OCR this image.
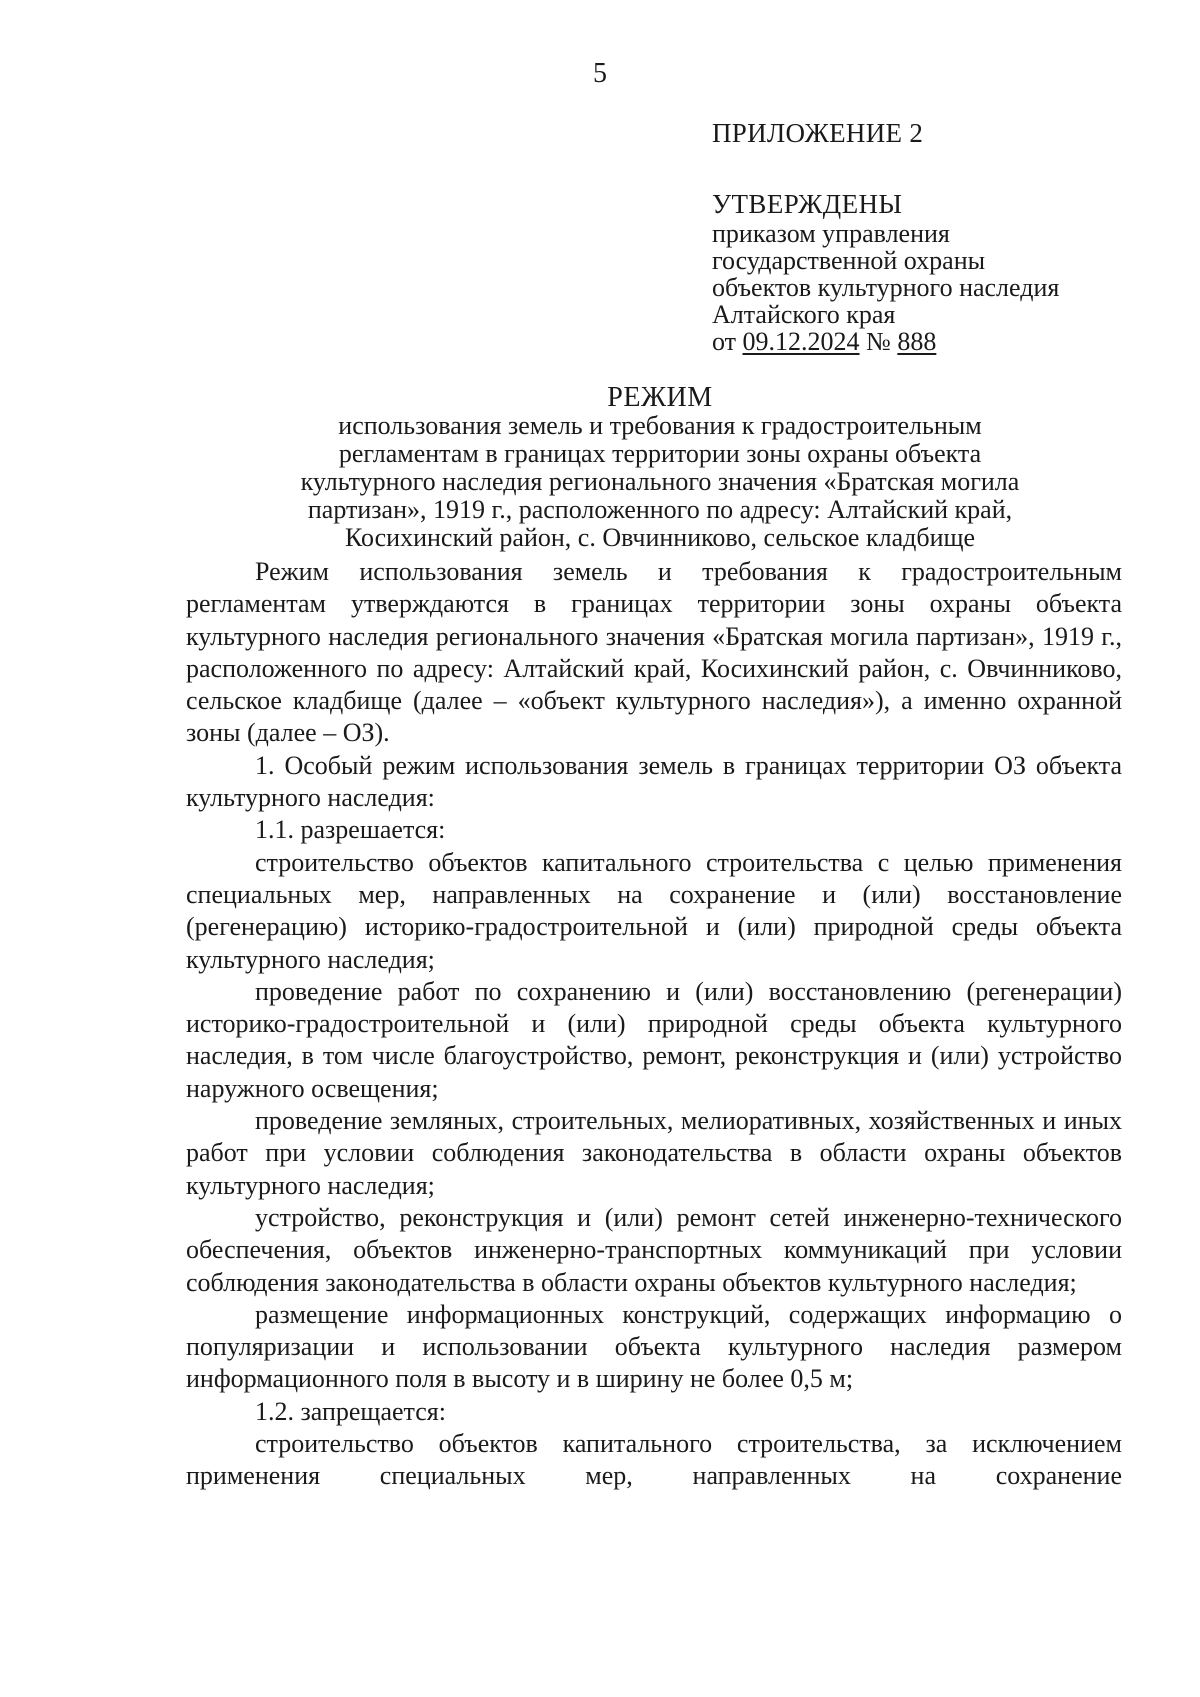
5
ПРИЛОЖЕНИЕ 2
УТВЕРЖДЕНЫ
приказом управления
государственной охраны
объектов культурного наследия
Алтайского края
от 09.12.2024 № 888
РЕЖИМ
использования земель и требования к градостроительным
регламентам в границах территории зоны охраны объекта
культурного наследия регионального значения «Братская могила
партизан», 1919 г., расположенного по адресу: Алтайский край,
Косихинский район, с. Овчинниково, сельское кладбище

Режим использования земель и требования к градостроительным регламентам утверждаются в границах территории зоны охраны объекта культурного наследия регионального значения «Братская могила партизан», 1919 г., расположенного по адресу: Алтайский край, Косихинский район, с. Овчинниково, сельское кладбище (далее – «объект культурного наследия»), а именно охранной зоны (далее – ОЗ).

1. Особый режим использования земель в границах территории ОЗ объекта культурного наследия:

1.1. разрешается:

строительство объектов капитального строительства с целью применения специальных мер, направленных на сохранение и (или) восстановление (регенерацию) историко-градостроительной и (или) природной среды объекта культурного наследия;

проведение работ по сохранению и (или) восстановлению (регенерации) историко-градостроительной и (или) природной среды объекта культурного наследия, в том числе благоустройство, ремонт, реконструкция и (или) устройство наружного освещения;

проведение земляных, строительных, мелиоративных, хозяйственных и иных работ при условии соблюдения законодательства в области охраны объектов культурного наследия;

устройство, реконструкция и (или) ремонт сетей инженерно-технического обеспечения, объектов инженерно-транспортных коммуникаций при условии соблюдения законодательства в области охраны объектов культурного наследия;

размещение информационных конструкций, содержащих информацию о популяризации и использовании объекта культурного наследия размером информационного поля в высоту и в ширину не более 0,5 м;

1.2. запрещается:

строительство объектов капитального строительства, за исключением применения специальных мер, направленных на сохранение
